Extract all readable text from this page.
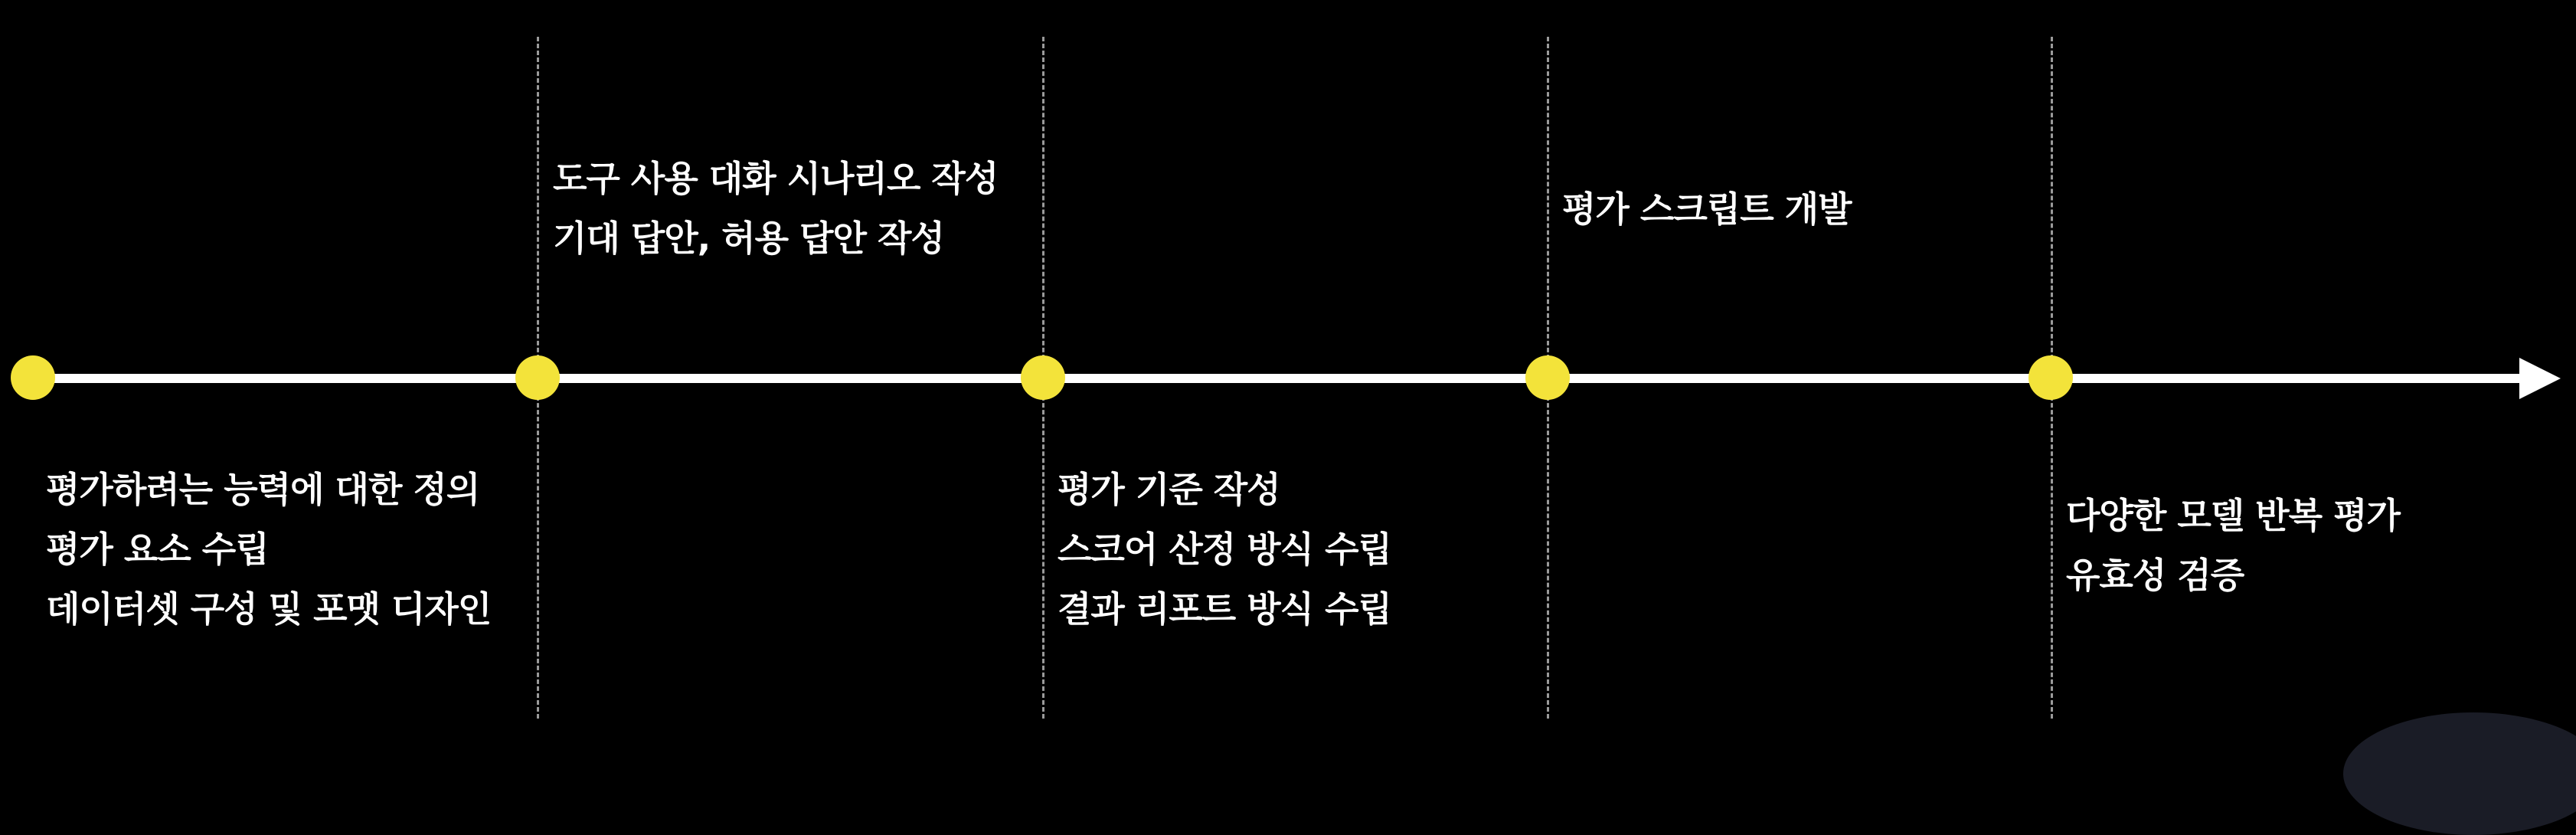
평가하려는 능력에 대한 정의
평가 요소 수립
데이터셋 구성 및 포맷 디자인
도구 사용 대화 시나리오 작성
기대 답안, 허용 답안 작성
평가 기준 작성
스코어 산정 방식 수립
결과 리포트 방식 수립
평가 스크립트 개발
다양한 모델 반복 평가
유효성 검증
